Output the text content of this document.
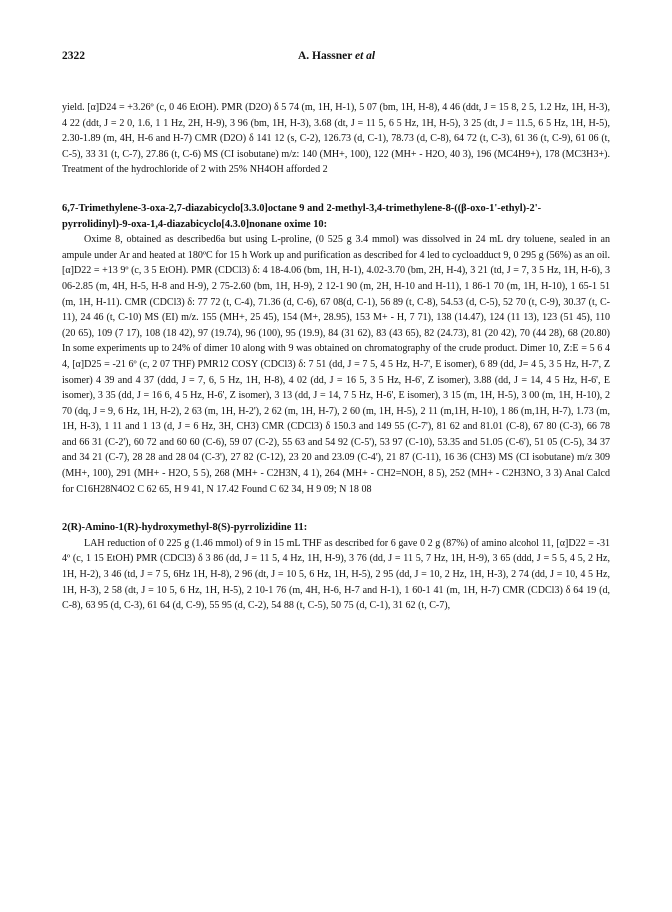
2322	A. Hassner et al

yield. [α]D24 = +3.26º (c, 0 46 EtOH). PMR (D2O) δ 5 74 (m, 1H, H-1), 5 07 (bm, 1H, H-8), 4 46 (ddt, J = 15 8, 2 5, 1.2 Hz, 1H, H-3), 4 22 (ddt, J = 2 0, 1.6, 1 1 Hz, 2H, H-9), 3 96 (bm, 1H, H-3), 3.68 (dt, J = 11 5, 6 5 Hz, 1H, H-5), 3 25 (dt, J = 11.5, 6 5 Hz, 1H, H-5), 2.30-1.89 (m, 4H, H-6 and H-7) CMR (D2O) δ 141 12 (s, C-2), 126.73 (d, C-1), 78.73 (d, C-8), 64 72 (t, C-3), 61 36 (t, C-9), 61 06 (t, C-5), 33 31 (t, C-7), 27.86 (t, C-6) MS (CI isobutane) m/z: 140 (MH+, 100), 122 (MH+ - H2O, 40 3), 196 (MC4H9+), 178 (MC3H3+). Treatment of the hydrochloride of 2 with 25% NH4OH afforded 2

6,7-Trimethylene-3-oxa-2,7-diazabicyclo[3.3.0]octane 9 and 2-methyl-3,4-trimethylene-8-((β-oxo-1'-ethyl)-2'-pyrrolidinyl)-9-oxa-1,4-diazabicyclo[4.3.0]nonane oxime 10:

Oxime 8, obtained as described6a but using L-proline, (0 525 g 3.4 mmol) was dissolved in 24 mL dry toluene, sealed in an ampule under Ar and heated at 180ºC for 15 h Work up and purification as described for 4 led to cycloadduct 9, 0 295 g (56%) as an oil. [α]D22 = +13 9º (c, 3 5 EtOH). PMR (CDCl3) δ: 4 18-4.06 (bm, 1H, H-1), 4.02-3.70 (bm, 2H, H-4), 3 21 (td, J = 7, 3 5 Hz, 1H, H-6), 3 06-2.85 (m, 4H, H-5, H-8 and H-9), 2 75-2.60 (bm, 1H, H-9), 2 12-1 90 (m, 2H, H-10 and H-11), 1 86-1 70 (m, 1H, H-10), 1 65-1 51 (m, 1H, H-11). CMR (CDCl3) δ: 77 72 (t, C-4), 71.36 (d, C-6), 67 08(d, C-1), 56 89 (t, C-8), 54.53 (d, C-5), 52 70 (t, C-9), 30.37 (t, C-11), 24 46 (t, C-10) MS (EI) m/z. 155 (MH+, 25 45), 154 (M+, 28.95), 153 M+ - H, 7 71), 138 (14.47), 124 (11 13), 123 (51 45), 110 (20 65), 109 (7 17), 108 (18 42), 97 (19.74), 96 (100), 95 (19.9), 84 (31 62), 83 (43 65), 82 (24.73), 81 (20 42), 70 (44 28), 68 (20.80) In some experiments up to 24% of dimer 10 along with 9 was obtained on chromatography of the crude product. Dimer 10, Z:E = 5 6 4 4, [α]D25 = -21 6º (c, 2 07 THF) PMR12 COSY (CDCl3) δ: 7 51 (dd, J = 7 5, 4 5 Hz, H-7', E isomer), 6 89 (dd, J= 4 5, 3 5 Hz, H-7', Z isomer) 4 39 and 4 37 (ddd, J = 7, 6, 5 Hz, 1H, H-8), 4 02 (dd, J = 16 5, 3 5 Hz, H-6', Z isomer), 3.88 (dd, J = 14, 4 5 Hz, H-6', E isomer), 3 35 (dd, J = 16 6, 4 5 Hz, H-6', Z isomer), 3 13 (dd, J = 14, 7 5 Hz, H-6', E isomer), 3 15 (m, 1H, H-5), 3 00 (m, 1H, H-10), 2 70 (dq, J = 9, 6 Hz, 1H, H-2), 2 63 (m, 1H, H-2'), 2 62 (m, 1H, H-7), 2 60 (m, 1H, H-5), 2 11 (m,1H, H-10), 1 86 (m,1H, H-7), 1.73 (m, 1H, H-3), 1 11 and 1 13 (d, J = 6 Hz, 3H, CH3) CMR (CDCl3) δ 150.3 and 149 55 (C-7'), 81 62 and 81.01 (C-8), 67 80 (C-3), 66 78 and 66 31 (C-2'), 60 72 and 60 60 (C-6), 59 07 (C-2), 55 63 and 54 92 (C-5'), 53 97 (C-10), 53.35 and 51.05 (C-6'), 51 05 (C-5), 34 37 and 34 21 (C-7), 28 28 and 28 04 (C-3'), 27 82 (C-12), 23 20 and 23.09 (C-4'), 21 87 (C-11), 16 36 (CH3) MS (CI isobutane) m/z 309 (MH+, 100), 291 (MH+ - H2O, 5 5), 268 (MH+ - C2H3N, 4 1), 264 (MH+ - CH2=NOH, 8 5), 252 (MH+ - C2H3NO, 3 3) Anal Calcd for C16H28N4O2 C 62 65, H 9 41, N 17.42 Found C 62 34, H 9 09; N 18 08

2(R)-Amino-1(R)-hydroxymethyl-8(S)-pyrrolizidine 11:

LAH reduction of 0 225 g (1.46 mmol) of 9 in 15 mL THF as described for 6 gave 0 2 g (87%) of amino alcohol 11, [α]D22 = -31 4º (c, 1 15 EtOH) PMR (CDCl3) δ 3 86 (dd, J = 11 5, 4 Hz, 1H, H-9), 3 76 (dd, J = 11 5, 7 Hz, 1H, H-9), 3 65 (ddd, J = 5 5, 4 5, 2 Hz, 1H, H-2), 3 46 (td, J = 7 5, 6Hz 1H, H-8), 2 96 (dt, J = 10 5, 6 Hz, 1H, H-5), 2 95 (dd, J = 10, 2 Hz, 1H, H-3), 2 74 (dd, J = 10, 4 5 Hz, 1H, H-3), 2 58 (dt, J = 10 5, 6 Hz, 1H, H-5), 2 10-1 76 (m, 4H, H-6, H-7 and H-1), 1 60-1 41 (m, 1H, H-7) CMR (CDCl3) δ 64 19 (d, C-8), 63 95 (d, C-3), 61 64 (d, C-9), 55 95 (d, C-2), 54 88 (t, C-5), 50 75 (d, C-1), 31 62 (t, C-7),
